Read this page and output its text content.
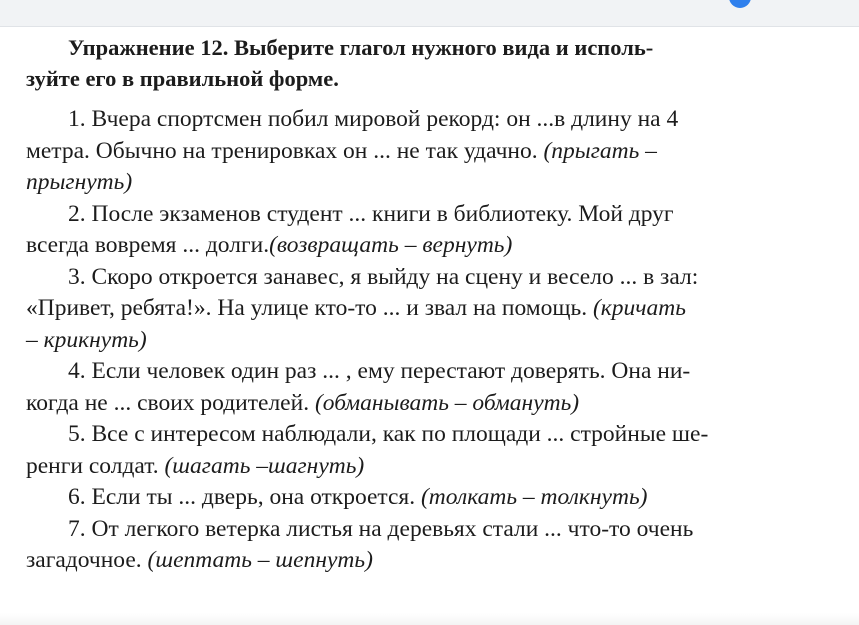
Упражнение 12. Выберите глагол нужного вида и исполь-
зуйте его в правильной форме.
1. Вчера спортсмен побил мировой рекорд: он ...в длину на 4
метра. Обычно на тренировках он ... не так удачно. (прыгать –
прыгнуть)
2. После экзаменов студент ... книги в библиотеку. Мой друг
всегда вовремя ... долги.(возвращать – вернуть)
3. Скоро откроется занавес, я выйду на сцену и весело ... в зал:
«Привет, ребята!». На улице кто-то ... и звал на помощь. (кричать
– крикнуть)
4. Если человек один раз ... , ему перестают доверять. Она ни-
когда не ... своих родителей. (обманывать – обмануть)
5. Все с интересом наблюдали, как по площади ... стройные ше-
ренги солдат. (шагать –шагнуть)
6. Если ты ... дверь, она откроется. (толкать – толкнуть)
7. От легкого ветерка листья на деревьях стали ... что-то очень
загадочное. (шептать – шепнуть)
